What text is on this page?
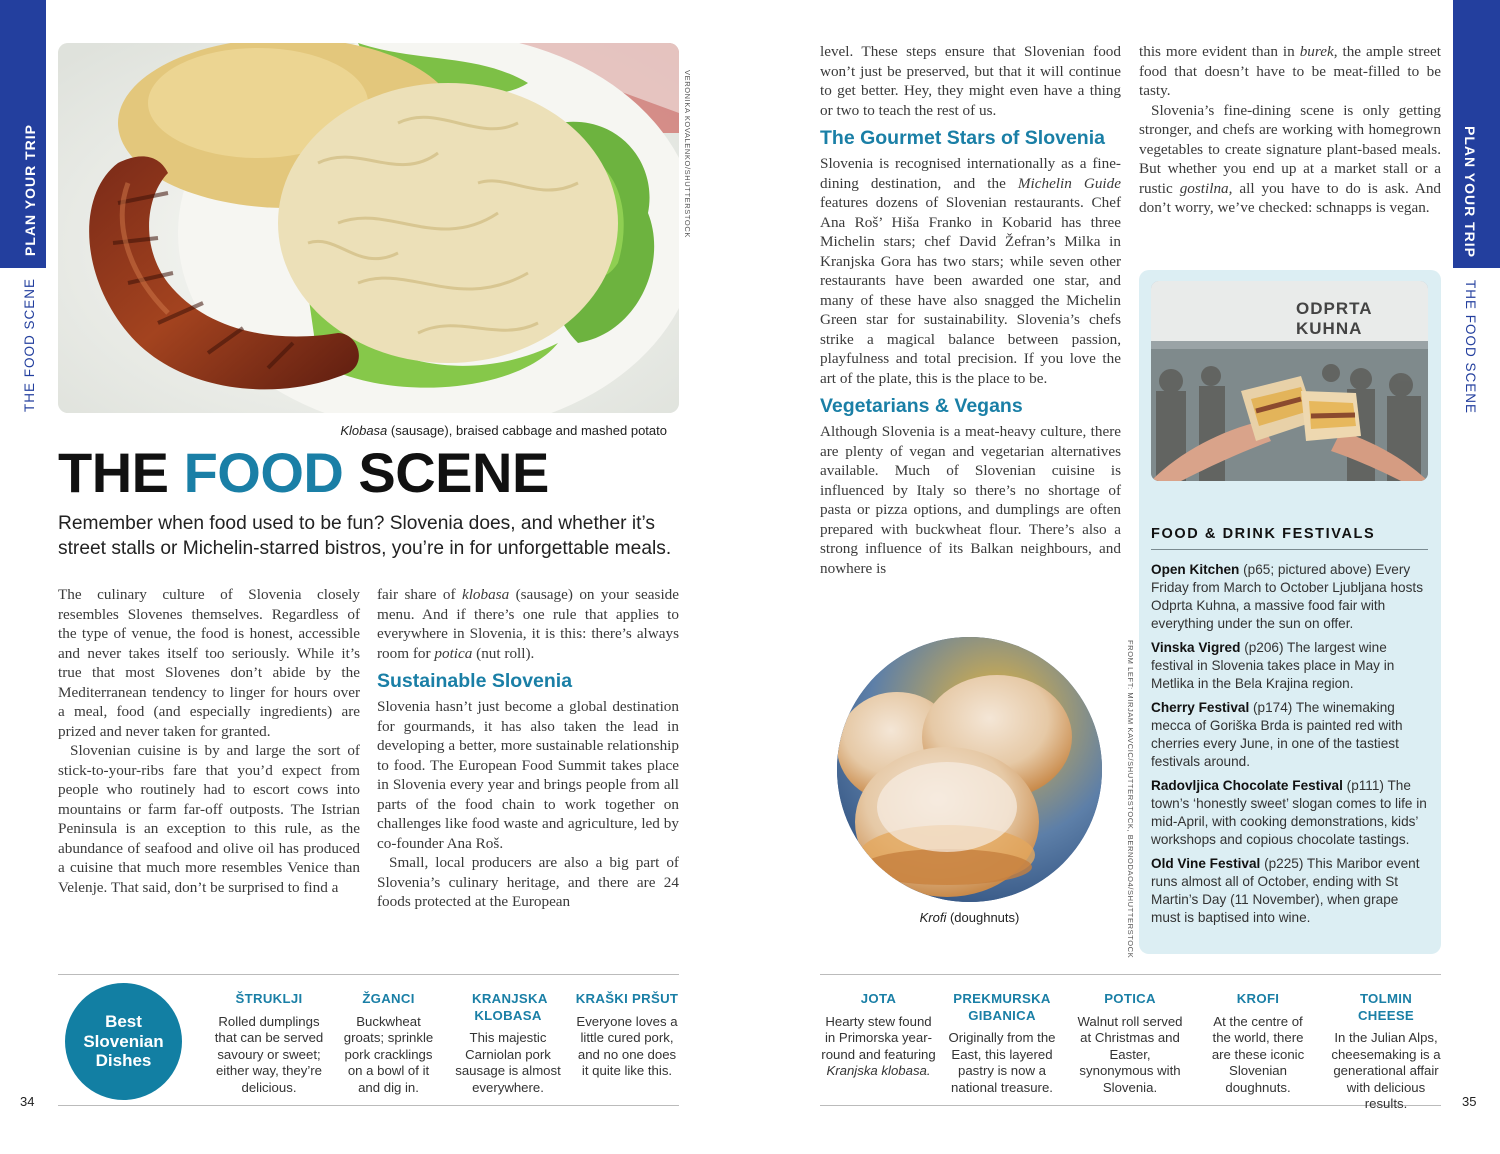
PLAN YOUR TRIP
THE FOOD SCENE
VERONIKA KOVALENKO/SHUTTERSTOCK
Klobasa (sausage), braised cabbage and mashed potato
THE FOOD SCENE
Remember when food used to be fun? Slovenia does, and whether it’s
street stalls or Michelin-starred bistros, you’re in for unforgettable meals.

The culinary culture of Slovenia closely resembles Slovenes themselves. Regardless of the type of venue, the food is honest, accessible and never takes itself too seriously. While it’s true that most Slovenes don’t abide by the Mediterranean tendency to linger for hours over a meal, food (and especially ingredients) are prized and never taken for granted.

Slovenian cuisine is by and large the sort of stick-to-your-ribs fare that you’d expect from people who routinely had to escort cows into mountains or farm far-off outposts. The Istrian Peninsula is an exception to this rule, as the abundance of seafood and olive oil has produced a cuisine that much more resembles Venice than Velenje. That said, don’t be surprised to find a

fair share of klobasa (sausage) on your seaside menu. And if there’s one rule that applies to everywhere in Slovenia, it is this: there’s always room for potica (nut roll).

Sustainable Slovenia

Slovenia hasn’t just become a global destination for gourmands, it has also taken the lead in developing a better, more sustainable relationship to food. The European Food Summit takes place in Slovenia every year and brings people from all parts of the food chain to work together on challenges like food waste and agriculture, led by co-founder Ana Roš.

Small, local producers are also a big part of Slovenia’s culinary heritage, and there are 24 foods protected at the European

Best Slovenian Dishes
ŠTRUKLJI
Rolled dumplings that can be served savoury or sweet; either way, they’re delicious.
ŽGANCI
Buckwheat groats; sprinkle pork cracklings on a bowl of it and dig in.
KRANJSKA KLOBASA
This majestic Carniolan pork sausage is almost everywhere.
KRAŠKI PRŠUT
Everyone loves a little cured pork, and no one does it quite like this.
34
PLAN YOUR TRIP
THE FOOD SCENE

level. These steps ensure that Slovenian food won’t just be preserved, but that it will continue to get better. Hey, they might even have a thing or two to teach the rest of us.

The Gourmet Stars of Slovenia

Slovenia is recognised internationally as a fine-dining destination, and the Michelin Guide features dozens of Slovenian restaurants. Chef Ana Roš’ Hiša Franko in Kobarid has three Michelin stars; chef David Žefran’s Milka in Kranjska Gora has two stars; while seven other restaurants have been awarded one star, and many of these have also snagged the Michelin Green star for sustainability. Slovenia’s chefs strike a magical balance between passion, playfulness and total precision. If you love the art of the plate, this is the place to be.

Vegetarians & Vegans

Although Slovenia is a meat-heavy culture, there are plenty of vegan and vegetarian alternatives available. Much of Slovenian cuisine is influenced by Italy so there’s no shortage of pasta or pizza options, and dumplings are often prepared with buckwheat flour. There’s also a strong influence of its Balkan neighbours, and nowhere is

this more evident than in burek, the ample street food that doesn’t have to be meat-filled to be tasty.

Slovenia’s fine-dining scene is only getting stronger, and chefs are working with homegrown vegetables to create signature plant-based meals. But whether you end up at a market stall or a rustic gostilna, all you have to do is ask. And don’t worry, we’ve checked: schnapps is vegan.

ODPRTA KUHNA
FOOD & DRINK FESTIVALS

Open Kitchen (p65; pictured above) Every Friday from March to October Ljubljana hosts Odprta Kuhna, a massive food fair with everything under the sun on offer.

Vinska Vigred (p206) The largest wine festival in Slovenia takes place in May in Metlika in the Bela Krajina region.

Cherry Festival (p174) The winemaking mecca of Goriška Brda is painted red with cherries every June, in one of the tastiest festivals around.

Radovljica Chocolate Festival (p111) The town’s ‘honestly sweet’ slogan comes to life in mid-April, with cooking demonstrations, kids’ workshops and copious chocolate tastings.

Old Vine Festival (p225) This Maribor event runs almost all of October, ending with St Martin’s Day (11 November), when grape must is baptised into wine.

Krofi (doughnuts)	FROM LEFT: MIRJAM KAVCIC/SHUTTERSTOCK, BERNODAO4/SHUTTERSTOCK
JOTA
Hearty stew found in Primorska year-round and featuring Kranjska klobasa.
PREKMURSKA GIBANICA
Originally from the East, this layered pastry is now a national treasure.
POTICA
Walnut roll served at Christmas and Easter, synonymous with Slovenia.
KROFI
At the centre of the world, there are these iconic Slovenian doughnuts.
TOLMIN CHEESE
In the Julian Alps, cheesemaking is a generational affair with delicious results.	35
